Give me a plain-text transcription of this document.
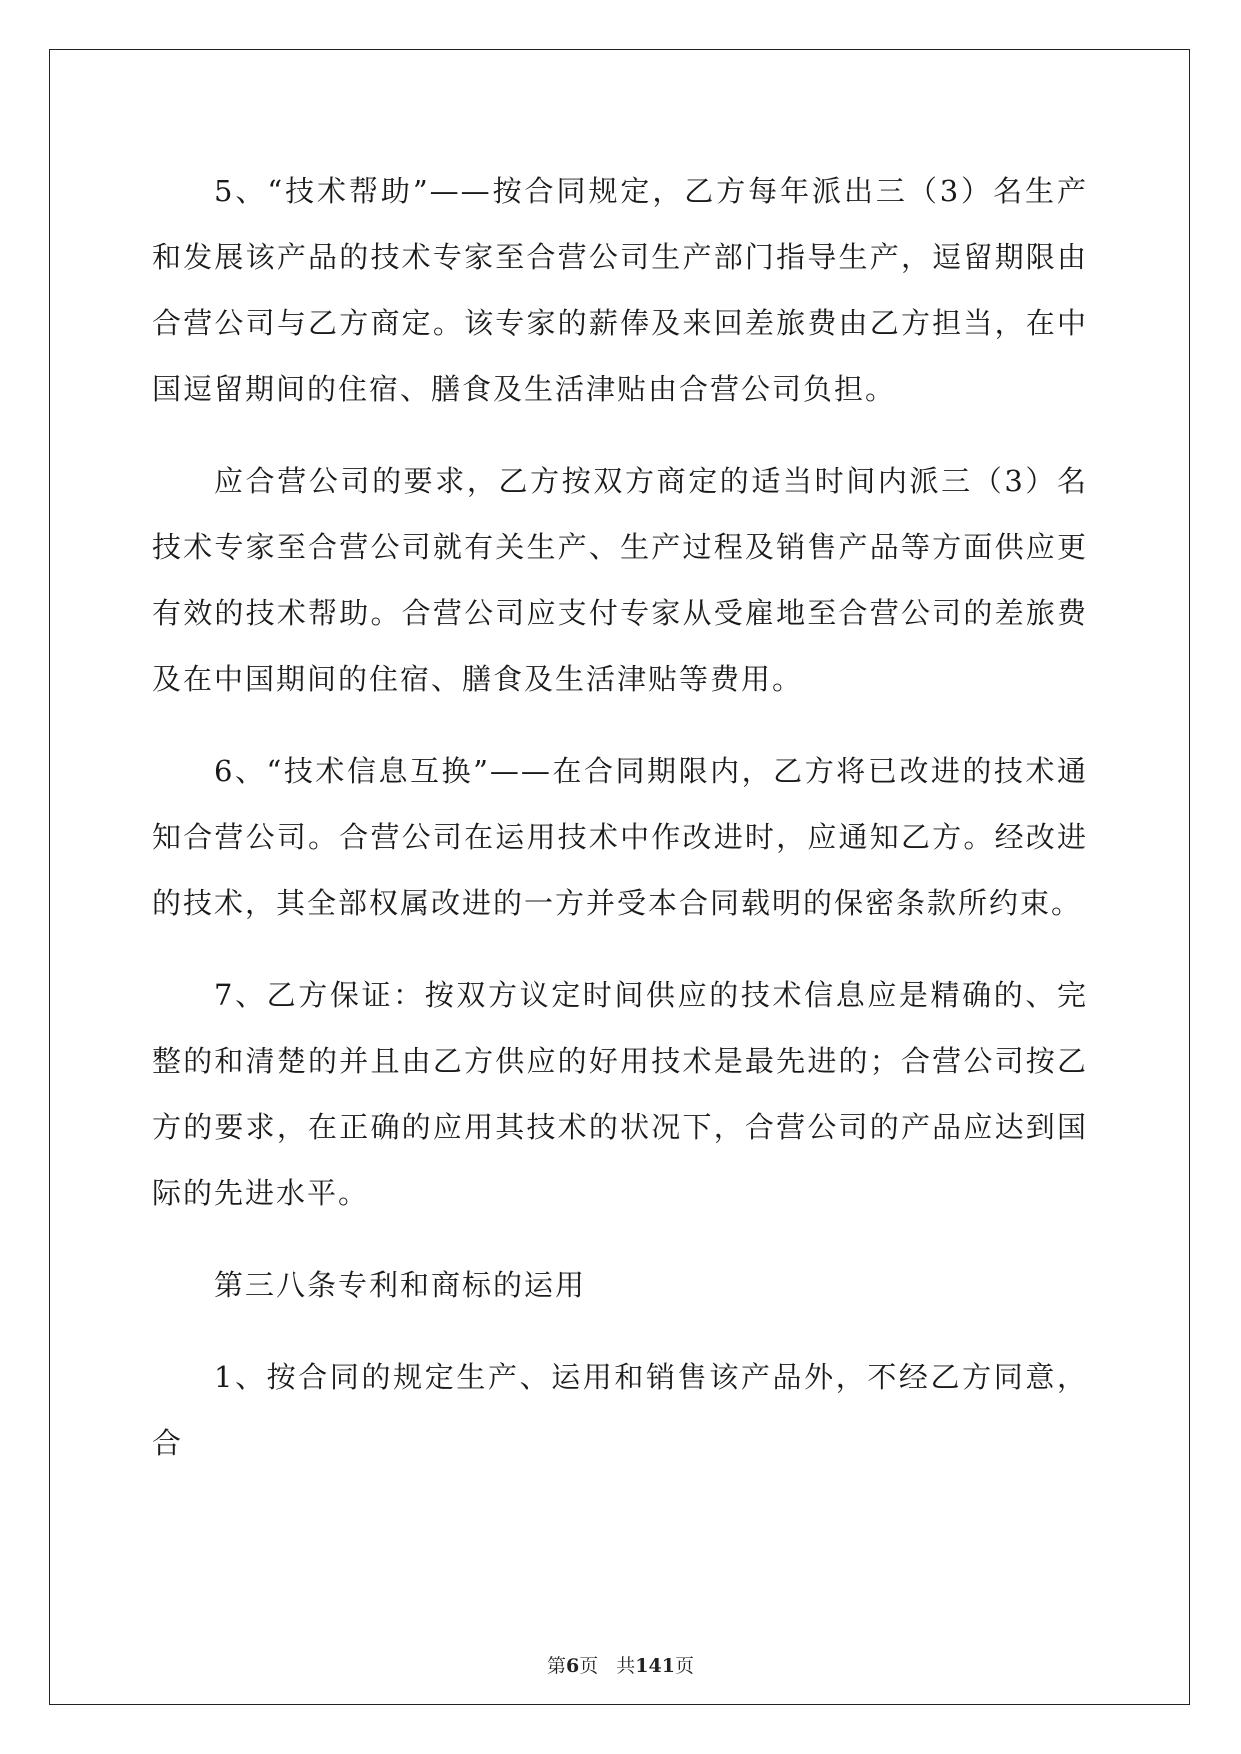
5、“技术帮助”——按合同规定，乙方每年派出三（3）名生产和发展该产品的技术专家至合营公司生产部门指导生产，逗留期限由合营公司与乙方商定。该专家的薪俸及来回差旅费由乙方担当，在中国逗留期间的住宿、膳食及生活津贴由合营公司负担。

应合营公司的要求，乙方按双方商定的适当时间内派三（3）名技术专家至合营公司就有关生产、生产过程及销售产品等方面供应更有效的技术帮助。合营公司应支付专家从受雇地至合营公司的差旅费及在中国期间的住宿、膳食及生活津贴等费用。

6、“技术信息互换”——在合同期限内，乙方将已改进的技术通知合营公司。合营公司在运用技术中作改进时，应通知乙方。经改进的技术，其全部权属改进的一方并受本合同载明的保密条款所约束。

7、乙方保证：按双方议定时间供应的技术信息应是精确的、完整的和清楚的并且由乙方供应的好用技术是最先进的；合营公司按乙方的要求，在正确的应用其技术的状况下，合营公司的产品应达到国际的先进水平。

第三八条专利和商标的运用

1、按合同的规定生产、运用和销售该产品外，不经乙方同意，合

第6页 共141页
